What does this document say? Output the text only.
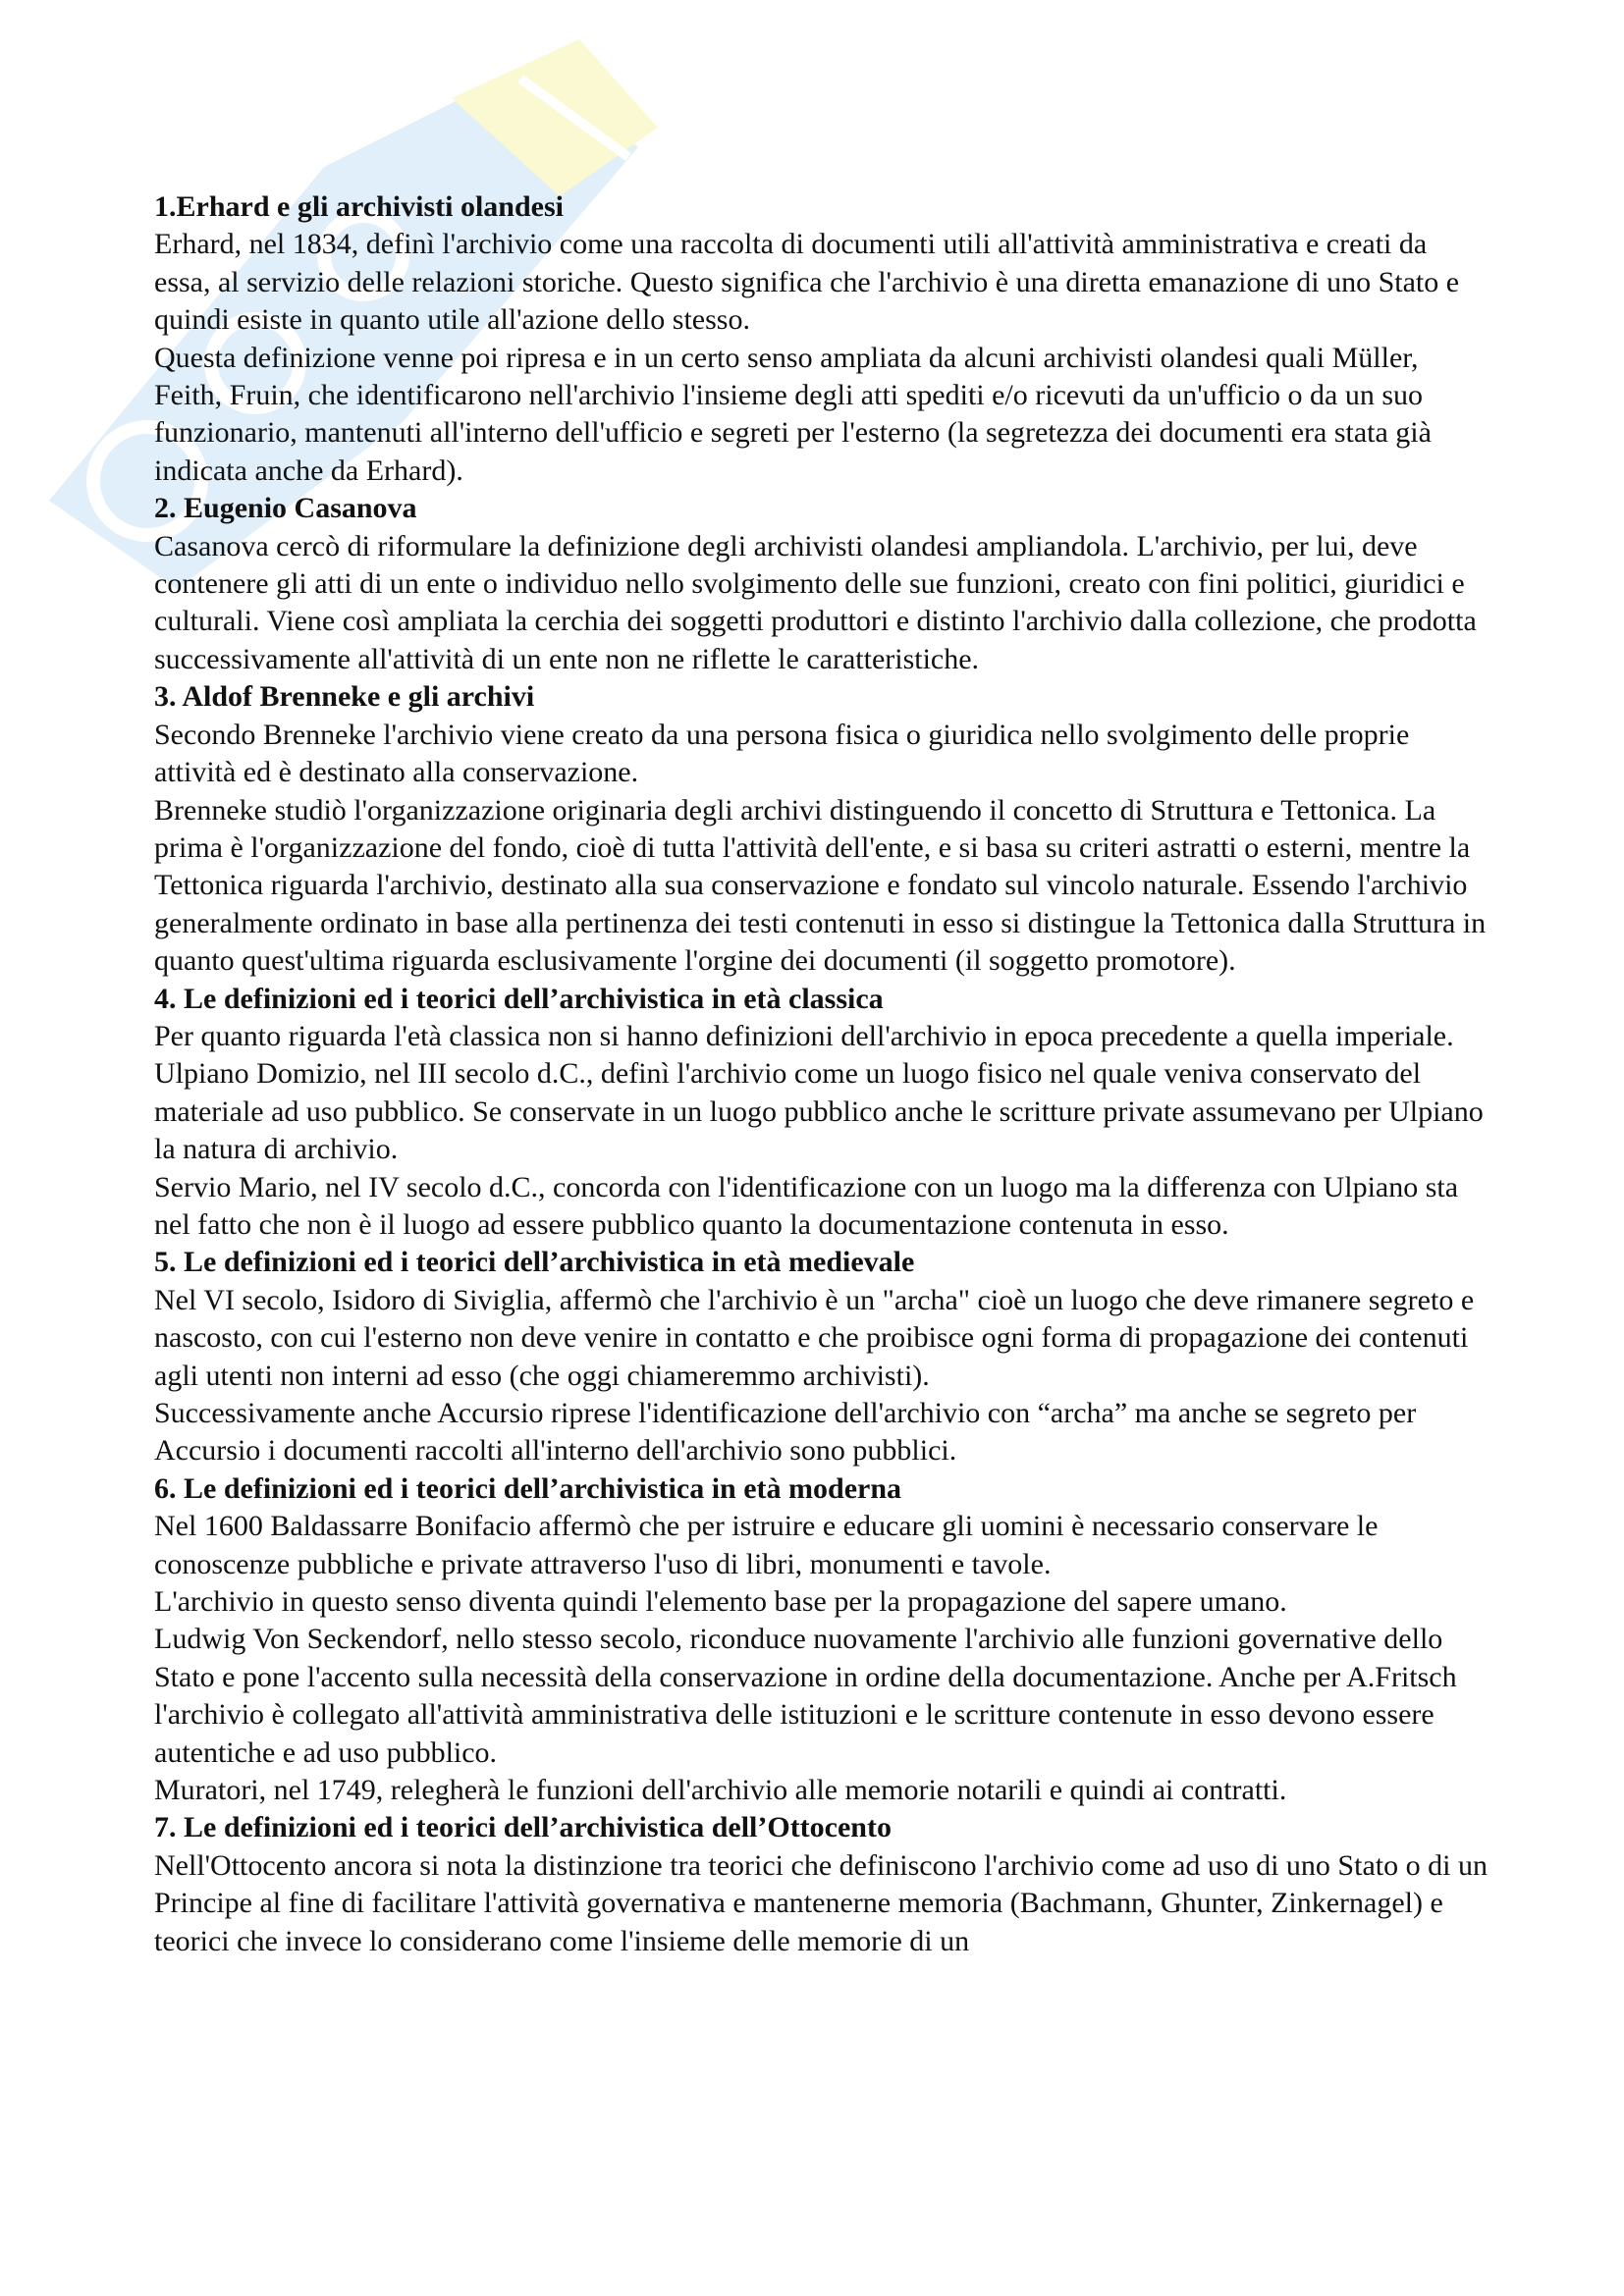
1.Erhard e gli archivisti olandesi

Erhard, nel 1834, definì l'archivio come una raccolta di documenti utili all'attività amministrativa e creati da essa, al servizio delle relazioni storiche. Questo significa che l'archivio è una diretta emanazione di uno Stato e quindi esiste in quanto utile all'azione dello stesso.

Questa definizione venne poi ripresa e in un certo senso ampliata da alcuni archivisti olandesi quali Müller, Feith, Fruin, che identificarono nell'archivio l'insieme degli atti spediti e/o ricevuti da un'ufficio o da un suo funzionario, mantenuti all'interno dell'ufficio e segreti per l'esterno (la segretezza dei documenti era stata già indicata anche da Erhard).

2. Eugenio Casanova

Casanova cercò di riformulare la definizione degli archivisti olandesi ampliandola. L'archivio, per lui, deve contenere gli atti di un ente o individuo nello svolgimento delle sue funzioni, creato con fini politici, giuridici e culturali. Viene così ampliata la cerchia dei soggetti produttori e distinto l'archivio dalla collezione, che prodotta successivamente all'attività di un ente non ne riflette le caratteristiche.

3. Aldof Brenneke e gli archivi

Secondo Brenneke l'archivio viene creato da una persona fisica o giuridica nello svolgimento delle proprie attività ed è destinato alla conservazione.

Brenneke studiò l'organizzazione originaria degli archivi distinguendo il concetto di Struttura e Tettonica. La prima è l'organizzazione del fondo, cioè di tutta l'attività dell'ente, e si basa su criteri astratti o esterni, mentre la Tettonica riguarda l'archivio, destinato alla sua conservazione e fondato sul vincolo naturale. Essendo l'archivio generalmente ordinato in base alla pertinenza dei testi contenuti in esso si distingue la Tettonica dalla Struttura in quanto quest'ultima riguarda esclusivamente l'orgine dei documenti (il soggetto promotore).

4. Le definizioni ed i teorici dell’archivistica in età classica

Per quanto riguarda l'età classica non si hanno definizioni dell'archivio in epoca precedente a quella imperiale.

Ulpiano Domizio, nel III secolo d.C., definì l'archivio come un luogo fisico nel quale veniva conservato del materiale ad uso pubblico. Se conservate in un luogo pubblico anche le scritture private assumevano per Ulpiano la natura di archivio.

Servio Mario, nel IV secolo d.C., concorda con l'identificazione con un luogo ma la differenza con Ulpiano sta nel fatto che non è il luogo ad essere pubblico quanto la documentazione contenuta in esso.

5. Le definizioni ed i teorici dell’archivistica in età medievale

Nel VI secolo, Isidoro di Siviglia, affermò che l'archivio è un "archa" cioè un luogo che deve rimanere segreto e nascosto, con cui l'esterno non deve venire in contatto e che proibisce ogni forma di propagazione dei contenuti agli utenti non interni ad esso (che oggi chiameremmo archivisti).

Successivamente anche Accursio riprese l'identificazione dell'archivio con “archa” ma anche se segreto per Accursio i documenti raccolti all'interno dell'archivio sono pubblici.

6. Le definizioni ed i teorici dell’archivistica in età moderna

Nel 1600 Baldassarre Bonifacio affermò che per istruire e educare gli uomini è necessario conservare le conoscenze pubbliche e private attraverso l'uso di libri, monumenti e tavole.

L'archivio in questo senso diventa quindi l'elemento base per la propagazione del sapere umano.

Ludwig Von Seckendorf, nello stesso secolo, riconduce nuovamente l'archivio alle funzioni governative dello Stato e pone l'accento sulla necessità della conservazione in ordine della documentazione. Anche per A.Fritsch l'archivio è collegato all'attività amministrativa delle istituzioni e le scritture contenute in esso devono essere autentiche e ad uso pubblico.

Muratori, nel 1749, relegherà le funzioni dell'archivio alle memorie notarili e quindi ai contratti.

7. Le definizioni ed i teorici dell’archivistica dell’Ottocento

Nell'Ottocento ancora si nota la distinzione tra teorici che definiscono l'archivio come ad uso di uno Stato o di un Principe al fine di facilitare l'attività governativa e mantenerne memoria (Bachmann, Ghunter, Zinkernagel) e teorici che invece lo considerano come l'insieme delle memorie di un
